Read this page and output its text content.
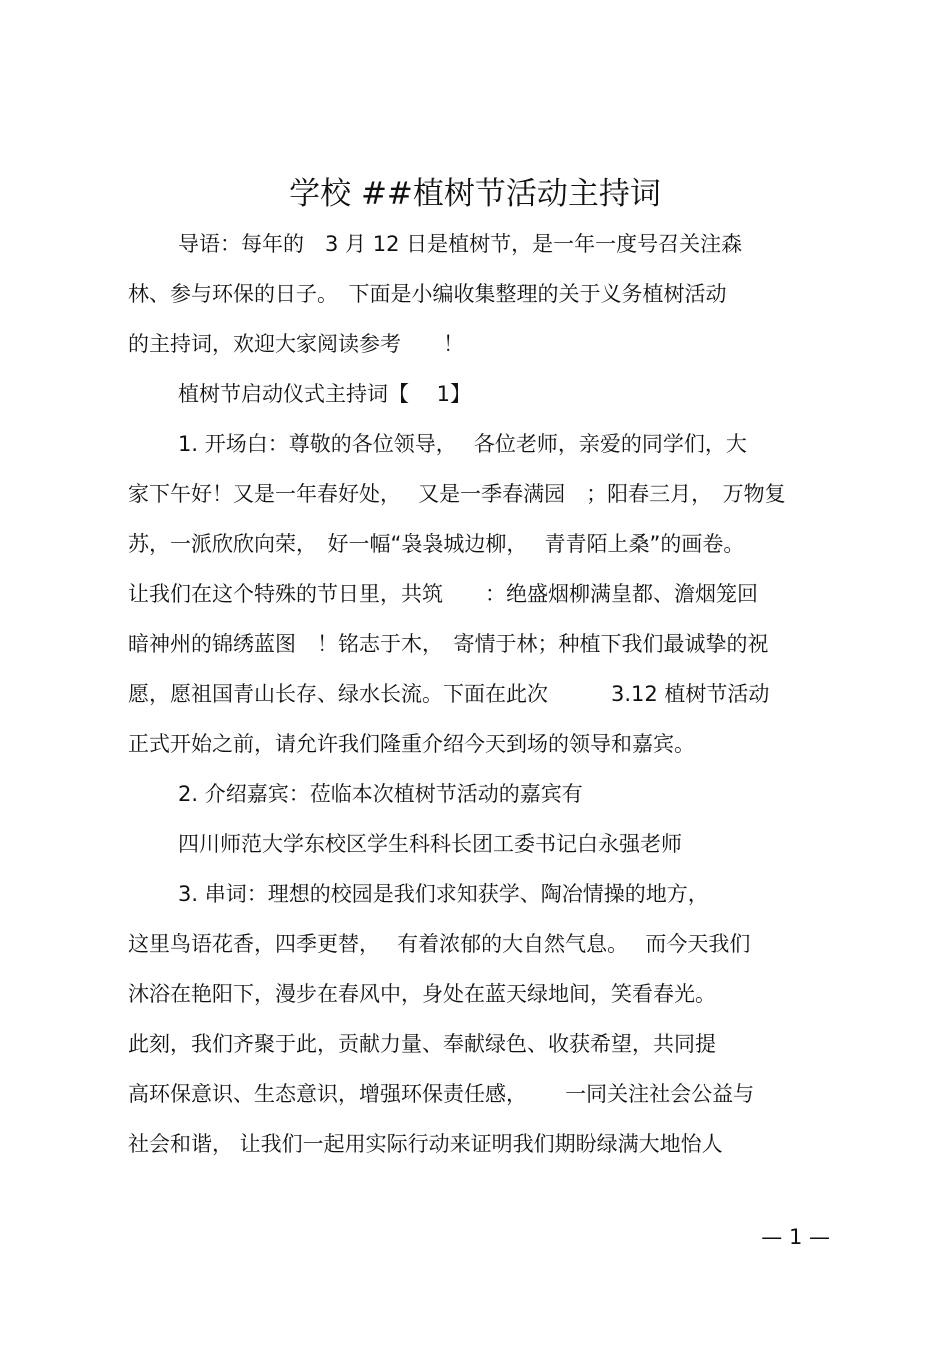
学校 ##植树节活动主持词
导语：每年的　3 月 12 日是植树节，是一年一度号召关注森
林、参与环保的日子。　下面是小编收集整理的关于义务植树活动
的主持词，欢迎大家阅读参考　　！
植树节启动仪式主持词【　 1】
1. 开场白：尊敬的各位领导，　 各位老师，亲爱的同学们，大
家下午好！又是一年春好处，　 又是一季春满园　；阳春三月，　万物复
苏，一派欣欣向荣，　好一幅“袅袅城边柳，　 青青陌上桑”的画卷。
让我们在这个特殊的节日里，共筑　　：绝盛烟柳满皇都、澹烟笼回
暗神州的锦绣蓝图　！铭志于木，　寄情于林；种植下我们最诚挚的祝
愿，愿祖国青山长存、绿水长流。下面在此次　　　3.12 植树节活动
正式开始之前，请允许我们隆重介绍今天到场的领导和嘉宾。
2. 介绍嘉宾：莅临本次植树节活动的嘉宾有
四川师范大学东校区学生科科长团工委书记白永强老师
3. 串词：理想的校园是我们求知获学、陶冶情操的地方，
这里鸟语花香，四季更替，　 有着浓郁的大自然气息。　 而今天我们
沐浴在艳阳下，漫步在春风中，身处在蓝天绿地间，笑看春光。
此刻，我们齐聚于此，贡献力量、奉献绿色、收获希望，共同提
高环保意识、生态意识，增强环保责任感，　　 一同关注社会公益与
社会和谐， 让我们一起用实际行动来证明我们期盼绿满大地怡人
— 1 —
